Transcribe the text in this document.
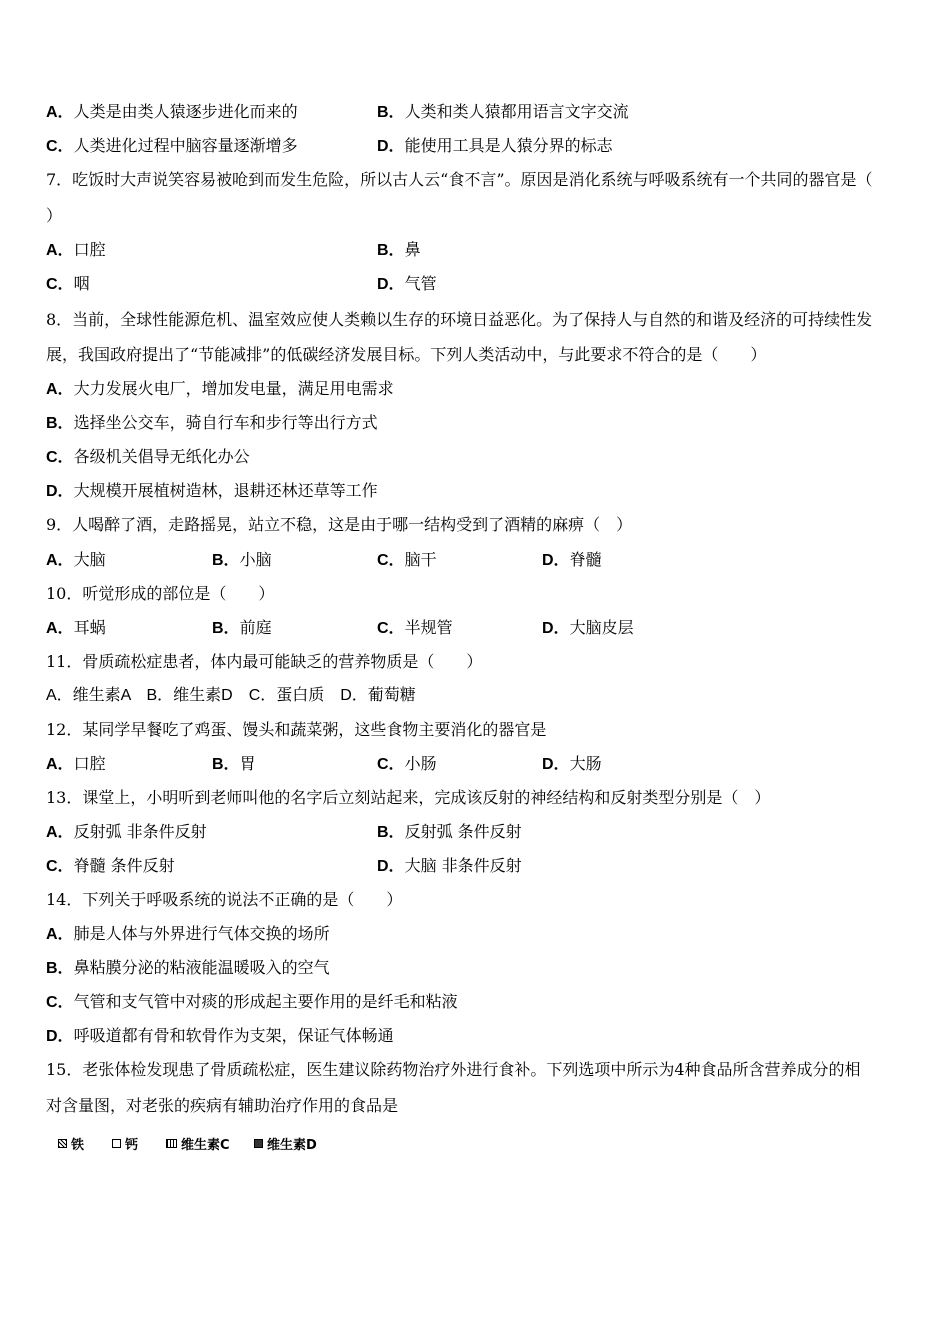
A．人类是由类人猿逐步进化而来的	B．人类和类人猿都用语言文字交流
C．人类进化过程中脑容量逐渐增多	D．能使用工具是人猿分界的标志
7．吃饭时大声说笑容易被呛到而发生危险，所以古人云“食不言”。原因是消化系统与呼吸系统有一个共同的器官是（
）
A．口腔	B．鼻
C．咽	D．气管
8．当前，全球性能源危机、温室效应使人类赖以生存的环境日益恶化。为了保持人与自然的和谐及经济的可持续性发
展，我国政府提出了“节能减排”的低碳经济发展目标。下列人类活动中，与此要求不符合的是（　　）
A．大力发展火电厂，增加发电量，满足用电需求
B．选择坐公交车，骑自行车和步行等出行方式
C．各级机关倡导无纸化办公
D．大规模开展植树造林，退耕还林还草等工作
9．人喝醉了酒，走路摇晃，站立不稳，这是由于哪一结构受到了酒精的麻痹（　）
A．大脑	B．小脑	C．脑干	D．脊髓
10．听觉形成的部位是（　　）
A．耳蜗	B．前庭	C．半规管	D．大脑皮层
11．骨质疏松症患者，体内最可能缺乏的营养物质是（　　）
A．维生素A　B．维生素D　C．蛋白质　D．葡萄糖
12．某同学早餐吃了鸡蛋、馒头和蔬菜粥，这些食物主要消化的器官是
A．口腔	B．胃	C．小肠	D．大肠
13．课堂上，小明听到老师叫他的名字后立刻站起来，完成该反射的神经结构和反射类型分别是（　）
A．反射弧 非条件反射	B．反射弧 条件反射
C．脊髓 条件反射	D．大脑 非条件反射
14．下列关于呼吸系统的说法不正确的是（　　）
A．肺是人体与外界进行气体交换的场所
B．鼻粘膜分泌的粘液能温暖吸入的空气
C．气管和支气管中对痰的形成起主要作用的是纤毛和粘液
D．呼吸道都有骨和软骨作为支架，保证气体畅通
15．老张体检发现患了骨质疏松症，医生建议除药物治疗外进行食补。下列选项中所示为4种食品所含营养成分的相
对含量图，对老张的疾病有辅助治疗作用的食品是
铁	钙	维生素C	维生素D
